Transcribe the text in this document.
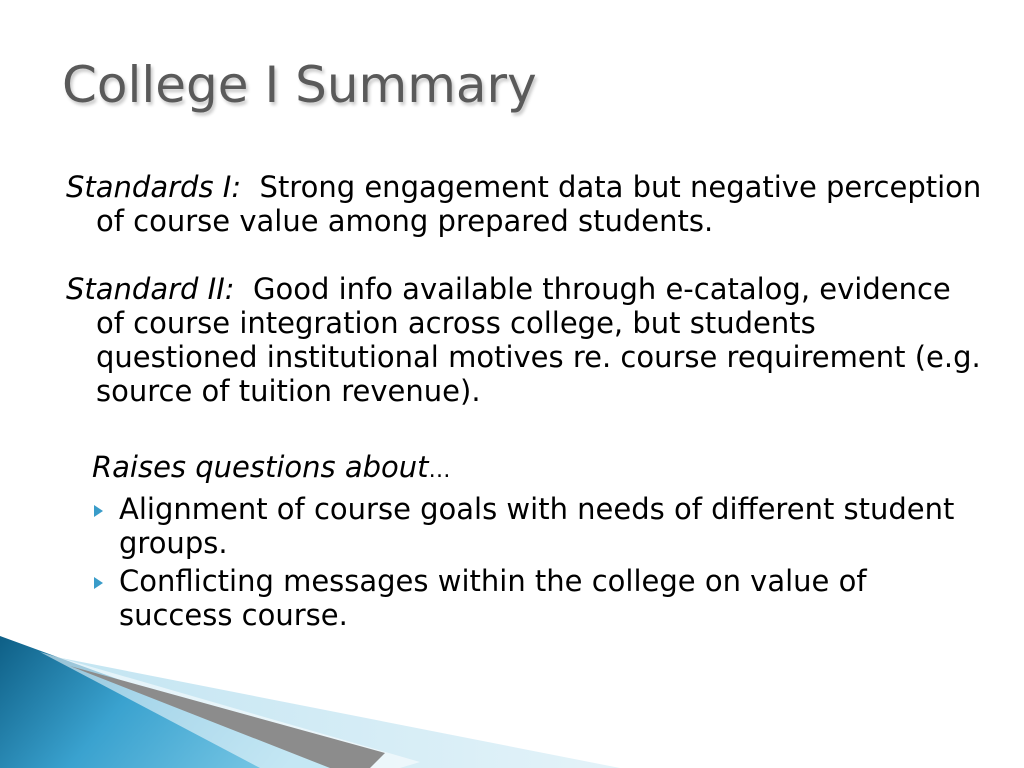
College I Summary

Standards I: Strong engagement data but negative perception of course value among prepared students.

Standard II: Good info available through e-catalog, evidence of course integration across college, but students questioned institutional motives re. course requirement (e.g. source of tuition revenue).

Raises questions about…
Alignment of course goals with needs of different student groups.
Conflicting messages within the college on value of success course.
